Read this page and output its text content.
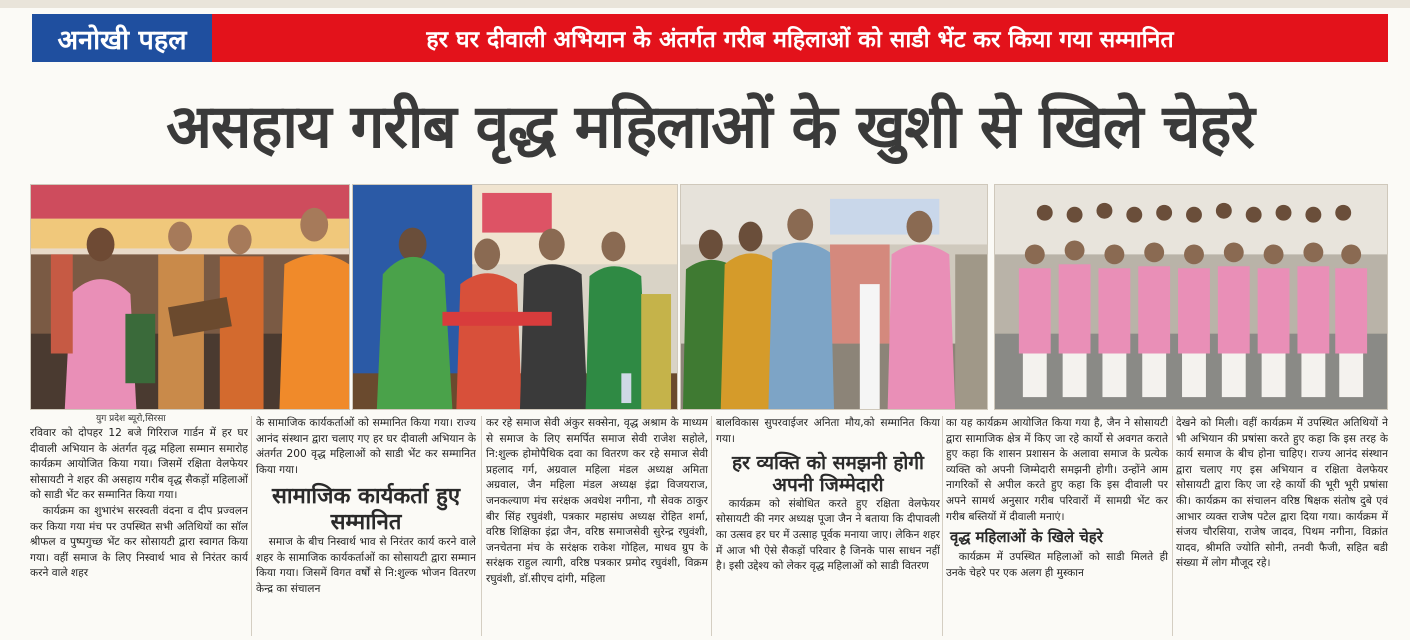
अनोखी पहल	हर घर दीवाली अभियान के अंतर्गत गरीब महिलाओं को साडी भेंट कर किया गया सम्मानित
असहाय गरीब वृद्ध महिलाओं के खुशी से खिले चेहरे
युग प्रदेश ब्यूरो,सिरसा

रविवार को दोपहर 12 बजे गिरिराज गार्डन में हर घर दीवाली अभियान के अंतर्गत वृद्ध महिला सम्मान समारोह कार्यक्रम आयोजित किया गया। जिसमें रक्षिता वेलफेयर सोसायटी ने शहर की असहाय गरीब वृद्ध सैकड़ों महिलाओं को साडी भेंट कर सम्मानित किया गया।

कार्यक्रम का शुभारंभ सरस्वती वंदना व दीप प्रज्वलन कर किया गया मंच पर उपस्थित सभी अतिथियों का सॉल श्रीफल व पुष्पगुच्छ भेंट कर सोसायटी द्वारा स्वागत किया गया। वहीं समाज के लिए निस्वार्थ भाव से निरंतर कार्य करने वाले शहर

के सामाजिक कार्यकर्ताओं को सम्मानित किया गया। राज्य आनंद संस्थान द्वारा चलाए गए हर घर दीवाली अभियान के अंतर्गत 200 वृद्ध महिलाओं को साडी भेंट कर सम्मानित किया गया।

सामाजिक कार्यकर्ता हुए सम्मानित

समाज के बीच निस्वार्थ भाव से निरंतर कार्य करने वाले शहर के सामाजिक कार्यकर्ताओं का सोसायटी द्वारा सम्मान किया गया। जिसमें विगत वर्षों से नि:शुल्क भोजन वितरण केन्द्र का संचालन

कर रहे समाज सेवी अंकुर सक्सेना, वृद्ध अश्राम के माध्यम से समाज के लिए समर्पित समाज सेवी राजेश सहोले, नि:शुल्क होमोपैथिक दवा का वितरण कर रहे समाज सेवी प्रहलाद गर्ग, अग्रवाल महिला मंडल अध्यक्ष अमिता अग्रवाल, जैन महिला मंडल अध्यक्ष इंद्रा विजयराज, जनकल्याण मंच सरंक्षक अवधेश नगीना, गौ सेवक ठाकुर बीर सिंह रघुवंशी, पत्रकार महासंघ अध्यक्ष रोहित शर्मा, वरिष्ठ शिक्षिका इंद्रा जैन, वरिष्ठ समाजसेवी सुरेन्द्र रघुवंशी, जनचेतना मंच के सरंक्षक राकेश गोहिल, माधव ग्रुप के सरंक्षक राहुल त्यागी, वरिष्ठ पत्रकार प्रमोद रघुवंशी, विक्रम रघुवंशी, डॉ.सीएच दांगी, महिला

बालविकास सुपरवाईजर अनिता मौय,को सम्मानित किया गया।

हर व्यक्ति को समझनी होगी अपनी जिम्मेदारी

कार्यक्रम को संबोधित करते हुए रक्षिता वेलफेयर सोसायटी की नगर अध्यक्ष पूजा जैन ने बताया कि दीपावली का उत्सव हर घर में उत्साह पूर्वक मनाया जाए। लेकिन शहर में आज भी ऐसे सैकड़ों परिवार है जिनके पास साधन नहीं है। इसी उद्देश्य को लेकर वृद्ध महिलाओं को साडी वितरण

का यह कार्यक्रम आयोजित किया गया है, जैन ने सोसायटी द्वारा सामाजिक क्षेत्र में किए जा रहे कार्यो से अवगत कराते हुए कहा कि शासन प्रशासन के अलावा समाज के प्रत्येक व्यक्ति को अपनी जिम्मेदारी समझनी होगी। उन्होंने आम नागरिकों से अपील करते हुए कहा कि इस दीवाली पर अपने सामर्थ अनुसार गरीब परिवारों में सामग्री भेंट कर गरीब बस्तियों में दीवाली मनाएं।

वृद्ध महिलाओं के खिले चेहरे

कार्यक्रम में उपस्थित महिलाओं को साडी मिलते ही उनके चेहरे पर एक अलग ही मुस्कान

देखने को मिली। वहीं कार्यक्रम में उपस्थित अतिथियों ने भी अभियान की प्रषांसा करते हुए कहा कि इस तरह के कार्य समाज के बीच होना चाहिए। राज्य आनंद संस्थान द्वारा चलाए गए इस अभियान व रक्षिता वेलफेयर सोसायटी द्वारा किए जा रहे कार्यो की भूरी भूरी प्रषांसा की। कार्यक्रम का संचालन वरिष्ठ षिक्षक संतोष दुबे एवं आभार व्यक्त राजेष पटेल द्वारा दिया गया। कार्यक्रम में संजय चौरसिया, राजेष जादव, पिथम नगीना, विक्रांत यादव, श्रीमति ज्योति सोनी, तनवी फैजी, सहित बडी संख्या में लोग मौजूद रहे।
